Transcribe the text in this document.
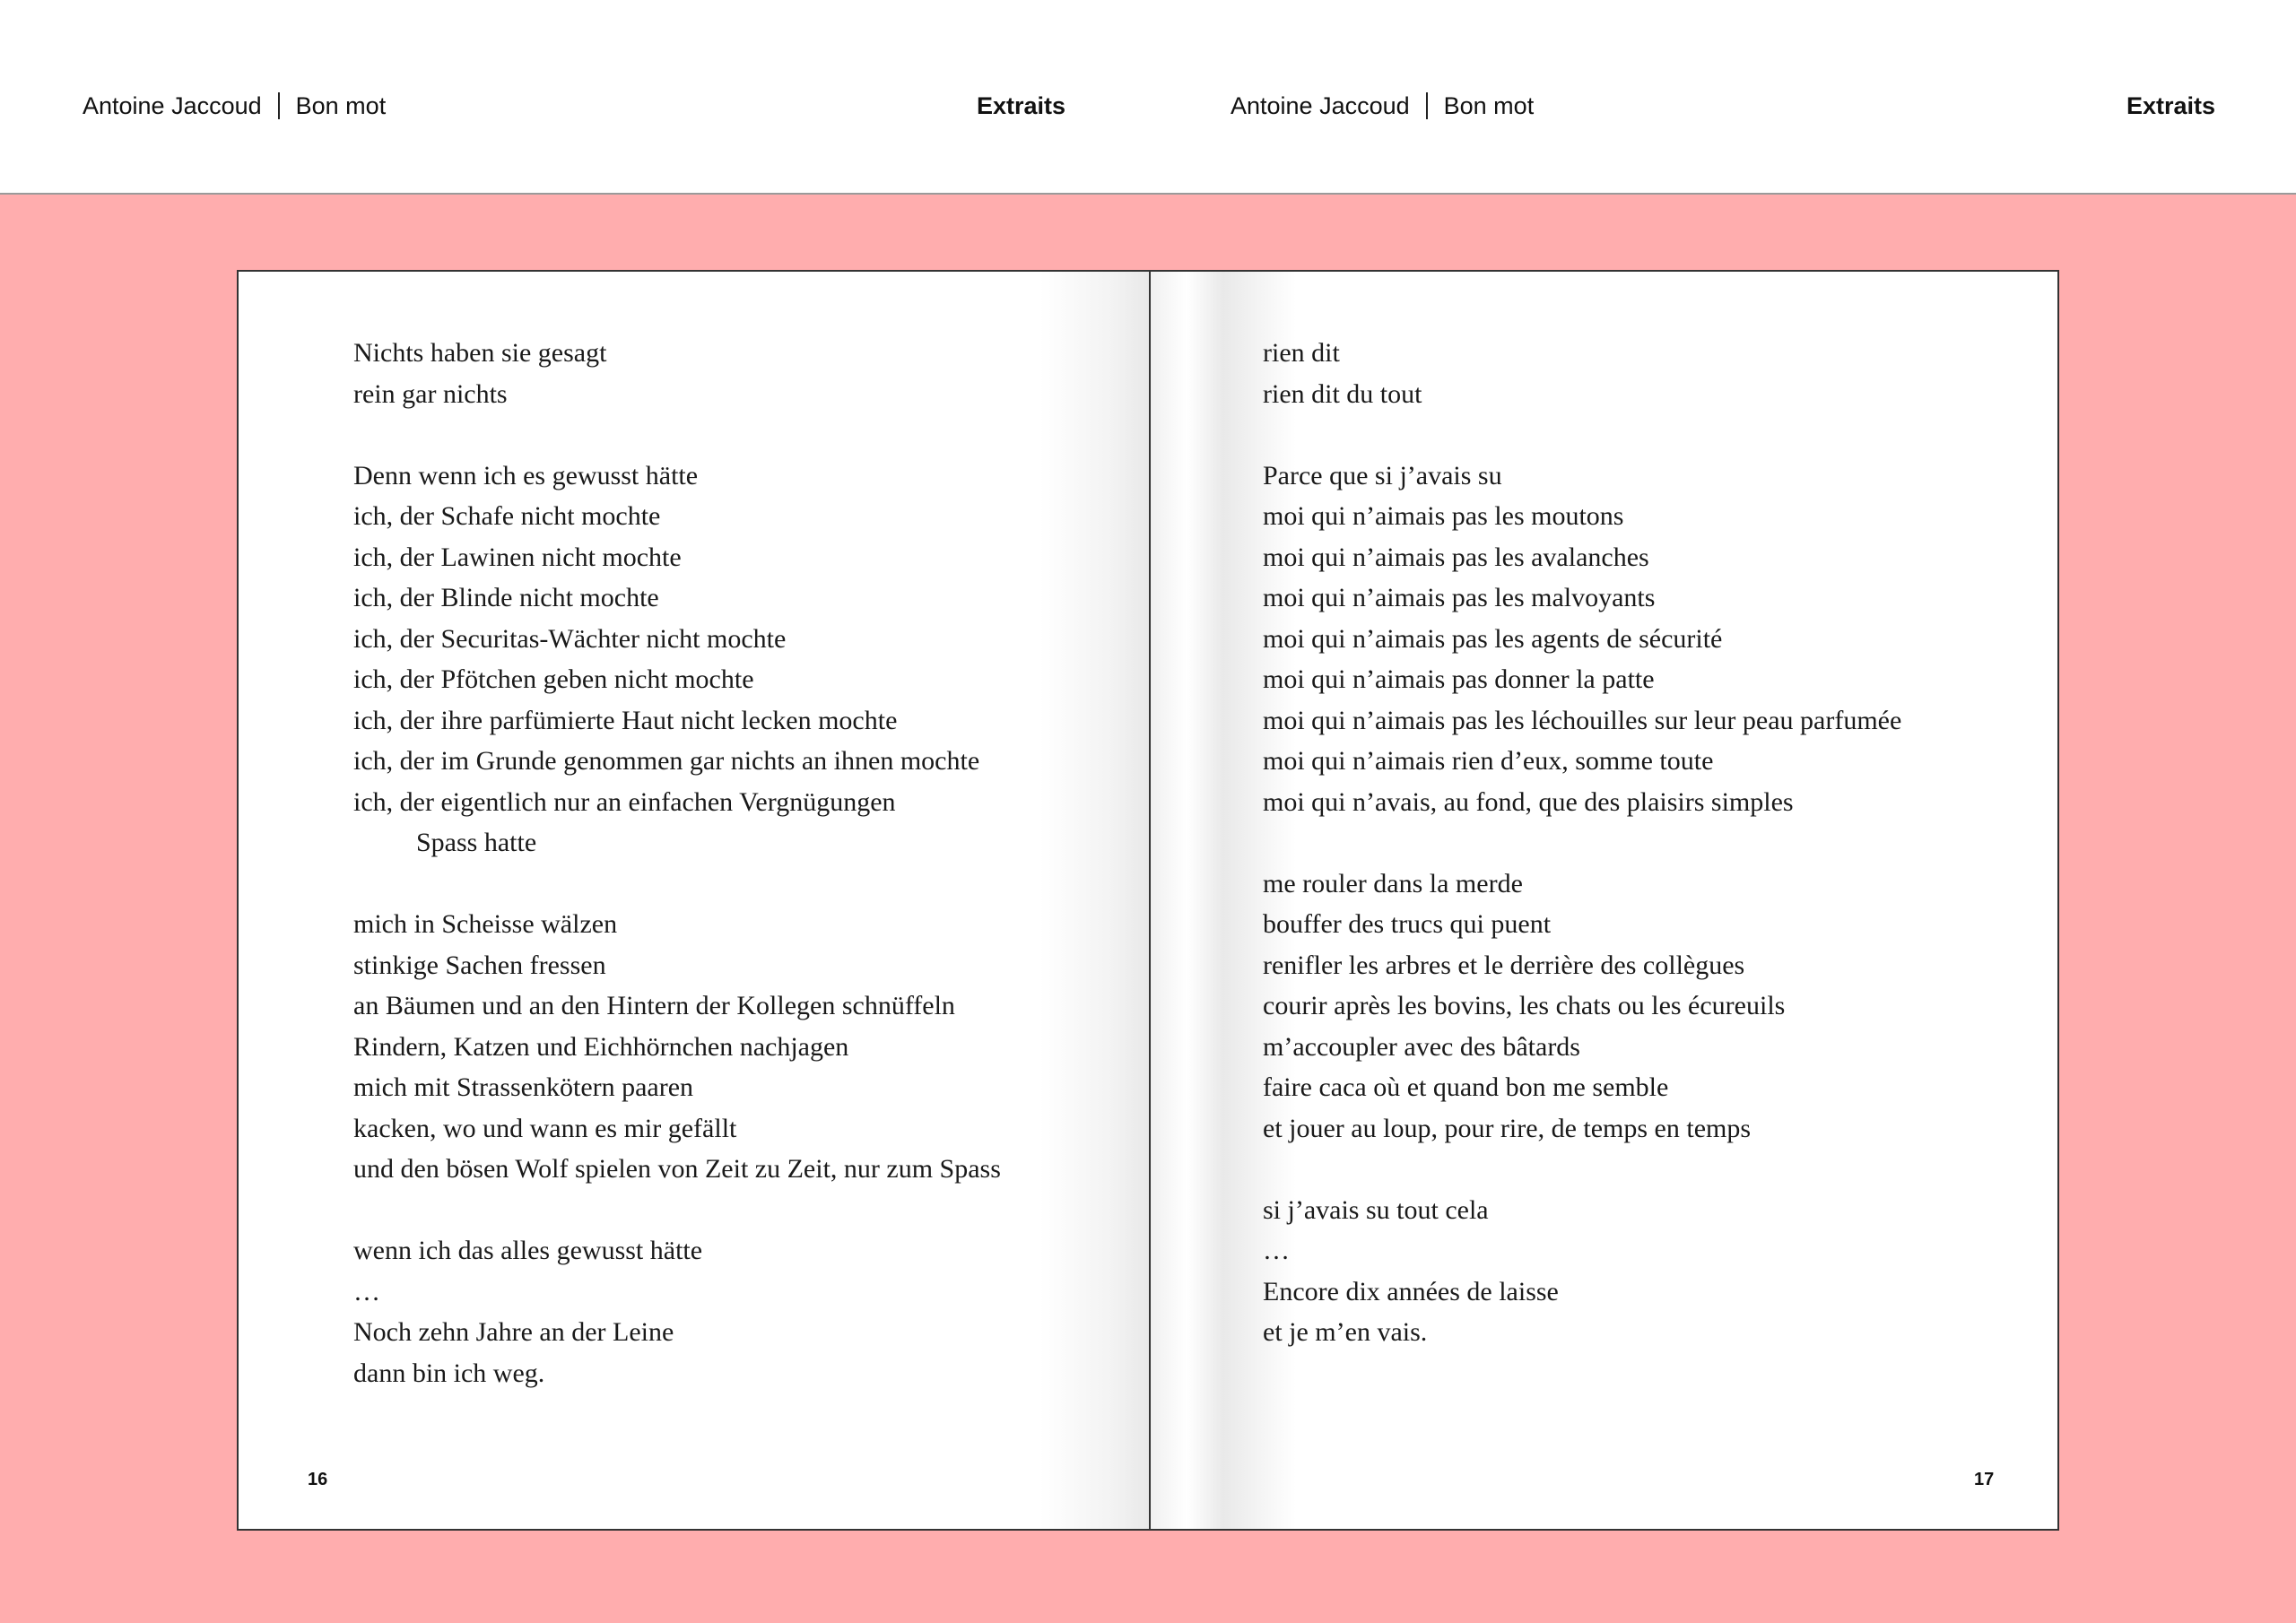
Antoine Jaccoud Bon mot	Extraits	Antoine Jaccoud Bon mot	Extraits
Nichts haben sie gesagt
rein gar nichts
Denn wenn ich es gewusst hätte
ich, der Schafe nicht mochte
ich, der Lawinen nicht mochte
ich, der Blinde nicht mochte
ich, der Securitas-Wächter nicht mochte
ich, der Pfötchen geben nicht mochte
ich, der ihre parfümierte Haut nicht lecken mochte
ich, der im Grunde genommen gar nichts an ihnen mochte
ich, der eigentlich nur an einfachen Vergnügungen
Spass hatte
mich in Scheisse wälzen
stinkige Sachen fressen
an Bäumen und an den Hintern der Kollegen schnüffeln
Rindern, Katzen und Eichhörnchen nachjagen
mich mit Strassenkötern paaren
kacken, wo und wann es mir gefällt
und den bösen Wolf spielen von Zeit zu Zeit, nur zum Spass
wenn ich das alles gewusst hätte
…
Noch zehn Jahre an der Leine
dann bin ich weg.
16
rien dit
rien dit du tout
Parce que si j’avais su
moi qui n’aimais pas les moutons
moi qui n’aimais pas les avalanches
moi qui n’aimais pas les malvoyants
moi qui n’aimais pas les agents de sécurité
moi qui n’aimais pas donner la patte
moi qui n’aimais pas les léchouilles sur leur peau parfumée
moi qui n’aimais rien d’eux, somme toute
moi qui n’avais, au fond, que des plaisirs simples
me rouler dans la merde
bouffer des trucs qui puent
renifler les arbres et le derrière des collègues
courir après les bovins, les chats ou les écureuils
m’accoupler avec des bâtards
faire caca où et quand bon me semble
et jouer au loup, pour rire, de temps en temps
si j’avais su tout cela
…
Encore dix années de laisse
et je m’en vais.
17
